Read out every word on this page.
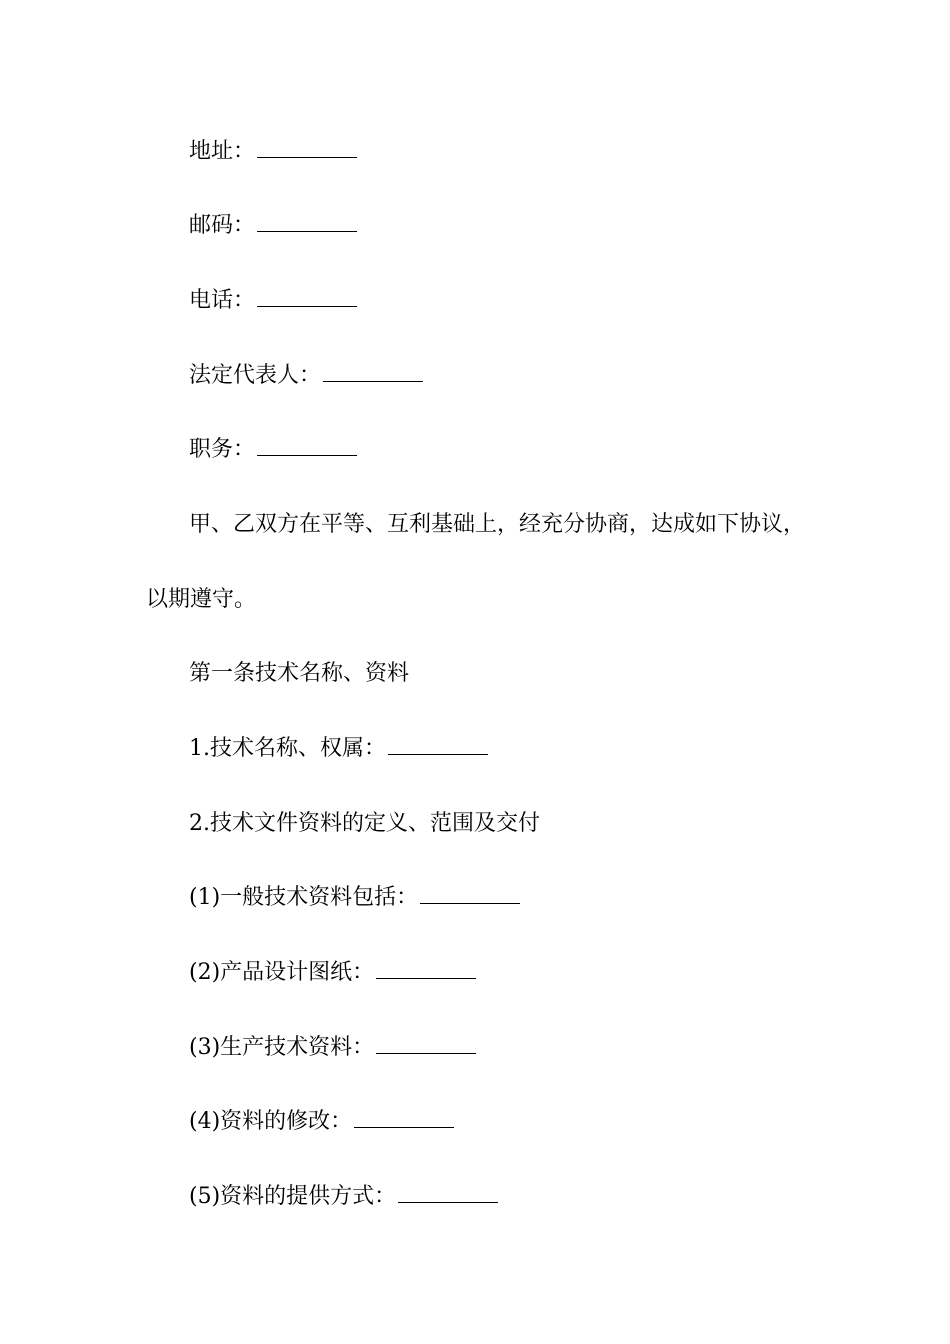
地址：
邮码：
电话：
法定代表人：
职务：
甲、乙双方在平等、互利基础上，经充分协商，达成如下协议，
以期遵守。
第一条技术名称、资料
1.技术名称、权属：
2.技术文件资料的定义、范围及交付
(1)一般技术资料包括：
(2)产品设计图纸：
(3)生产技术资料：
(4)资料的修改：
(5)资料的提供方式：
